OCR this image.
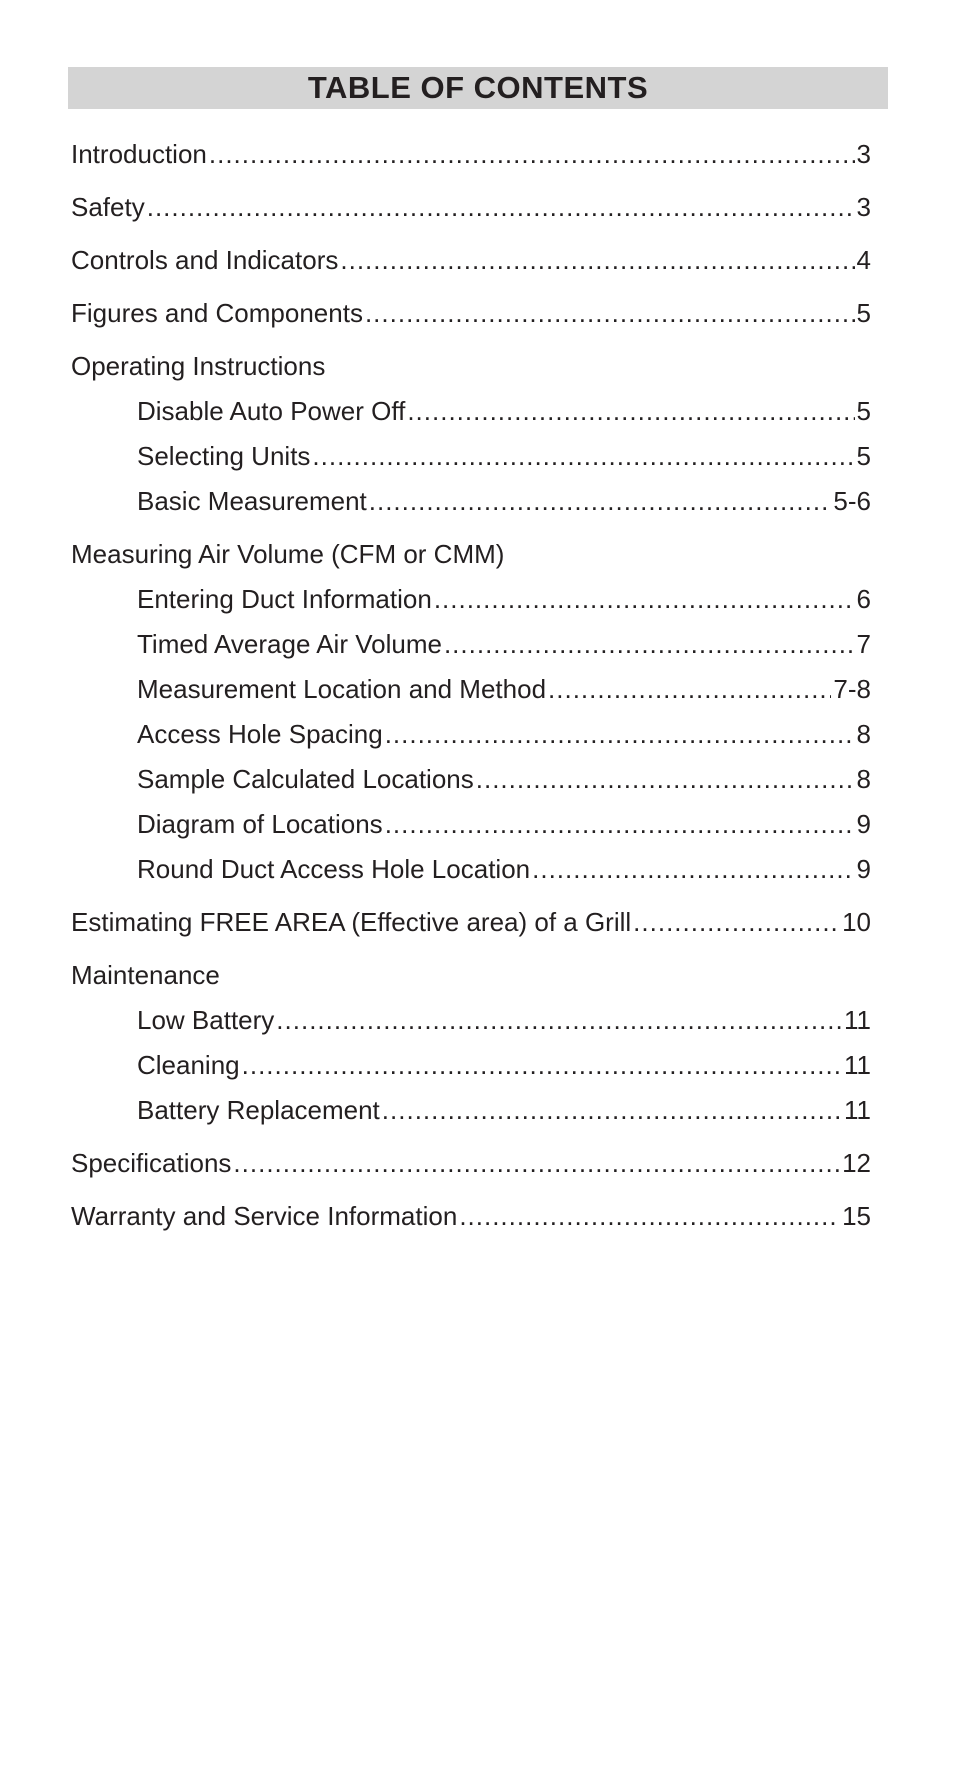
TABLE OF CONTENTS
Introduction .....	3
Safety .....	3
Controls and Indicators .....	4
Figures and Components .....	5
Operating Instructions
Disable Auto Power Off .....	5
Selecting Units .....	5
Basic Measurement .....	5-6
Measuring Air Volume (CFM or CMM)
Entering Duct Information .....	6
Timed Average Air Volume .....	7
Measurement Location and Method .....	7-8
Access Hole Spacing .....	8
Sample Calculated Locations .....	8
Diagram of Locations .....	9
Round Duct Access Hole Location .....	9
Estimating FREE AREA (Effective area) of a Grill .....	10
Maintenance
Low Battery .....	11
Cleaning .....	11
Battery Replacement .....	11
Specifications .....	12
Warranty and Service Information .....	15
